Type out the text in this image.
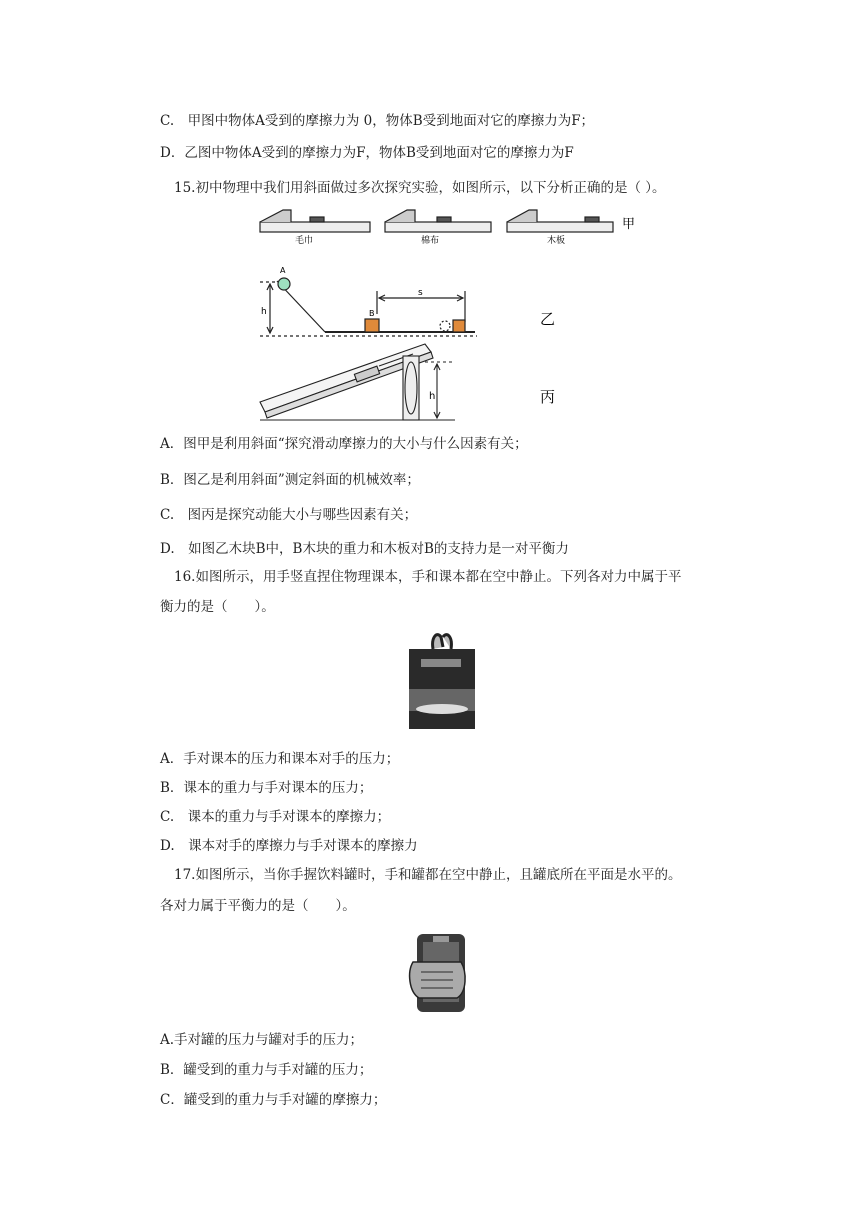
C.　甲图中物体A受到的摩擦力为 0，物体B受到地面对它的摩擦力为F；
D．乙图中物体A受到的摩擦力为F，物体B受到地面对它的摩擦力为F
15.初中物理中我们用斜面做过多次探究实验，如图所示，以下分析正确的是（ ）。
毛巾	棉布	木板
甲
A
B
s
h	乙
h	丙
A．图甲是利用斜面“探究滑动摩擦力的大小与什么因素有关；
B．图乙是利用斜面”测定斜面的机械效率；
C.　图丙是探究动能大小与哪些因素有关；
D.　如图乙木块B中，B木块的重力和木板对B的支持力是一对平衡力
16.如图所示，用手竖直捏住物理课本，手和课本都在空中静止。下列各对力中属于平
衡力的是（　　）。
A．手对课本的压力和课本对手的压力；
B．课本的重力与手对课本的压力；
C.　课本的重力与手对课本的摩擦力；
D.　课本对手的摩擦力与手对课本的摩擦力
17.如图所示，当你手握饮料罐时，手和罐都在空中静止，且罐底所在平面是水平的。
各对力属于平衡力的是（　　）。
A.手对罐的压力与罐对手的压力；
B．罐受到的重力与手对罐的压力；
C．罐受到的重力与手对罐的摩擦力；
